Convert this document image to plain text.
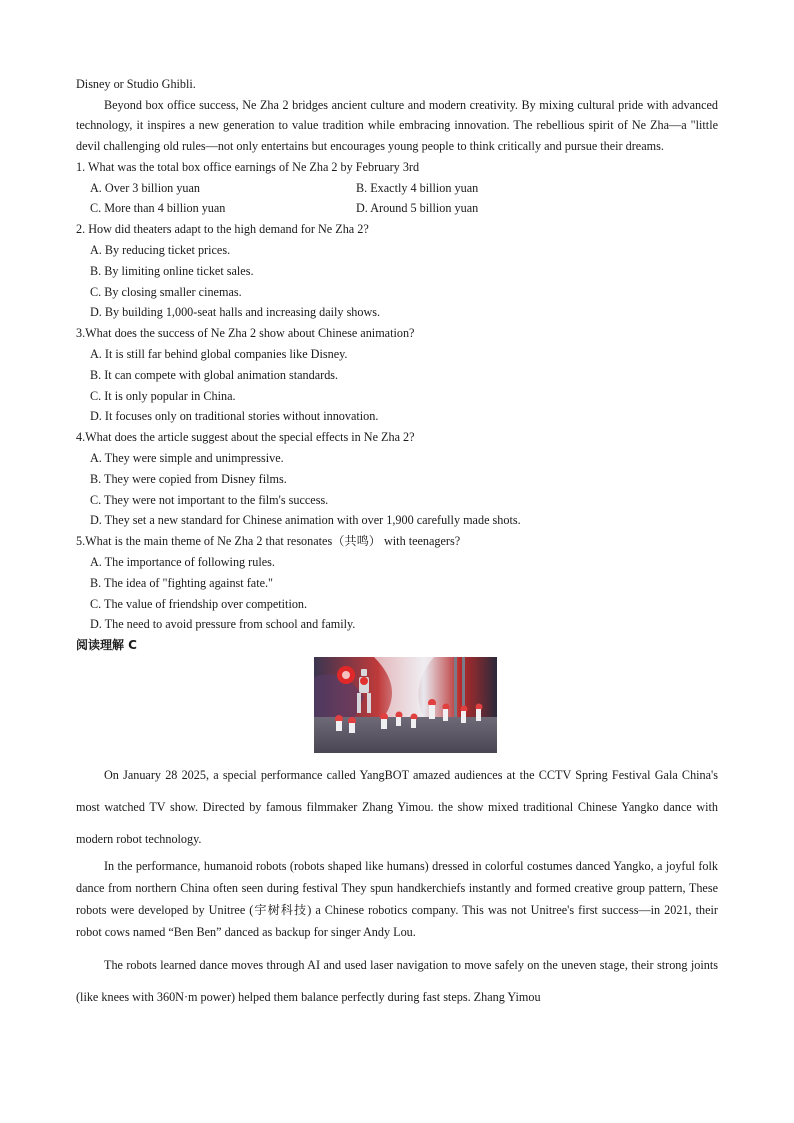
Disney or Studio Ghibli.

Beyond box office success, Ne Zha 2 bridges ancient culture and modern creativity. By mixing cultural pride with advanced technology, it inspires a new generation to value tradition while embracing innovation. The rebellious spirit of Ne Zha—a "little devil challenging old rules—not only entertains but encourages young people to think critically and pursue their dreams.

1. What was the total box office earnings of Ne Zha 2 by February 3rd

A. Over 3 billion yuan	B. Exactly 4 billion yuan
C. More than 4 billion yuan	D. Around 5 billion yuan

2. How did theaters adapt to the high demand for Ne Zha 2?

A. By reducing ticket prices.

B. By limiting online ticket sales.

C. By closing smaller cinemas.

D. By building 1,000-seat halls and increasing daily shows.

3.What does the success of Ne Zha 2 show about Chinese animation?

A. It is still far behind global companies like Disney.

B. It can compete with global animation standards.

C. It is only popular in China.

D. It focuses only on traditional stories without innovation.

4.What does the article suggest about the special effects in Ne Zha 2?

A. They were simple and unimpressive.

B. They were copied from Disney films.

C. They were not important to the film's success.

D. They set a new standard for Chinese animation with over 1,900 carefully made shots.

5.What is the main theme of Ne Zha 2 that resonates（共鸣） with teenagers?

A. The importance of following rules.

B. The idea of "fighting against fate."

C. The value of friendship over competition.

D. The need to avoid pressure from school and family.

阅读理解 C

On January 28 2025, a special performance called YangBOT amazed audiences at the CCTV Spring Festival Gala China's most watched TV show. Directed by famous filmmaker Zhang Yimou. the show mixed traditional Chinese Yangko dance with modern robot technology.

In the performance, humanoid robots (robots shaped like humans) dressed in colorful costumes danced Yangko, a joyful folk dance from northern China often seen during festival They spun handkerchiefs instantly and formed creative group pattern, These robots were developed by Unitree (宇树科技) a Chinese robotics company. This was not Unitree's first success—in 2021, their robot cows named “Ben Ben” danced as backup for singer Andy Lou.

The robots learned dance moves through AI and used laser navigation to move safely on the uneven stage, their strong joints (like knees with 360N·m power) helped them balance perfectly during fast steps. Zhang Yimou
